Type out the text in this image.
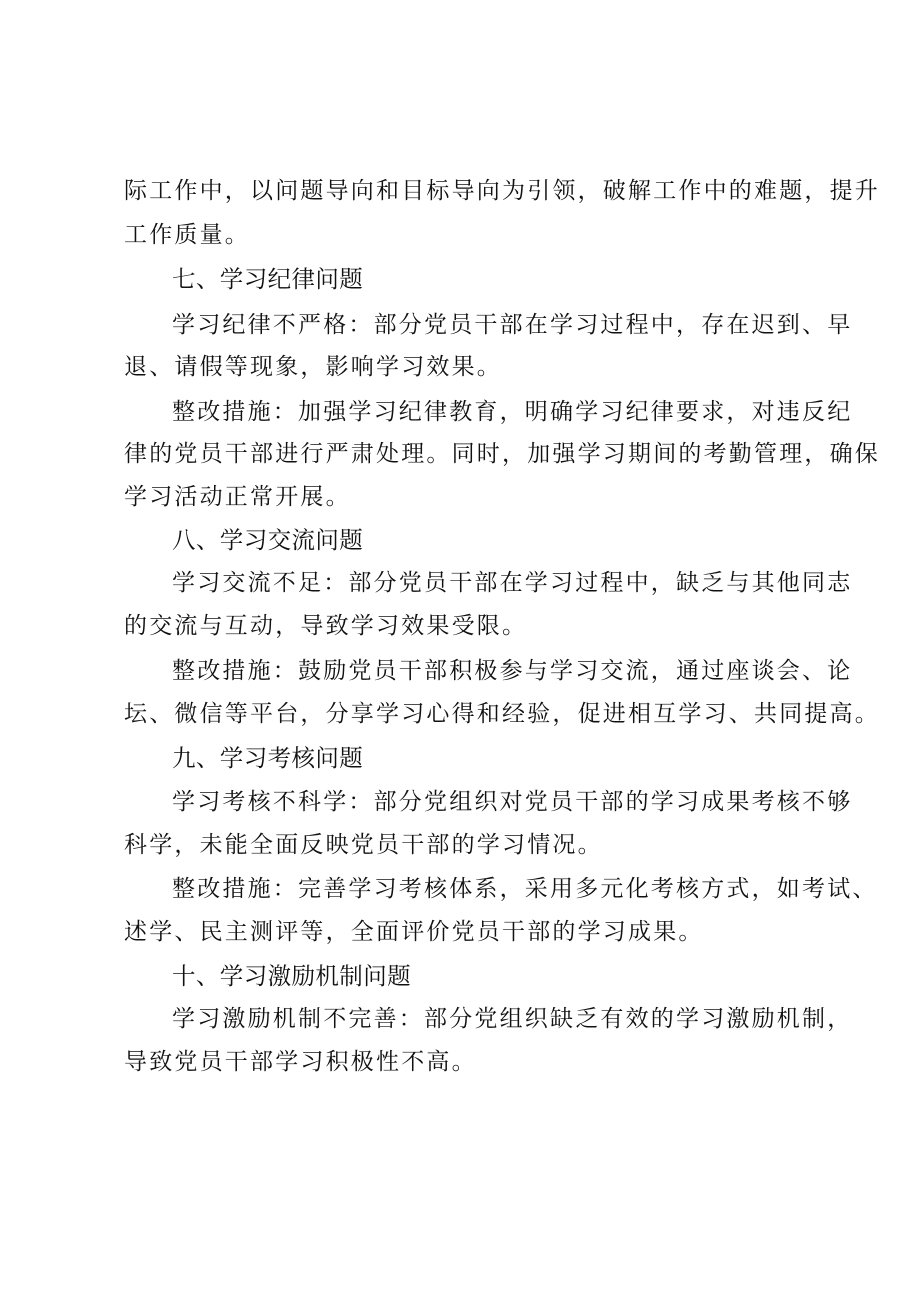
际工作中，以问题导向和目标导向为引领，破解工作中的难题，提升
工作质量。
七、学习纪律问题
学习纪律不严格：部分党员干部在学习过程中，存在迟到、早
退、请假等现象，影响学习效果。
整改措施：加强学习纪律教育，明确学习纪律要求，对违反纪
律的党员干部进行严肃处理。同时，加强学习期间的考勤管理，确保
学习活动正常开展。
八、学习交流问题
学习交流不足：部分党员干部在学习过程中，缺乏与其他同志
的交流与互动，导致学习效果受限。
整改措施：鼓励党员干部积极参与学习交流，通过座谈会、论
坛、微信等平台，分享学习心得和经验，促进相互学习、共同提高。
九、学习考核问题
学习考核不科学：部分党组织对党员干部的学习成果考核不够
科学，未能全面反映党员干部的学习情况。
整改措施：完善学习考核体系，采用多元化考核方式，如考试、
述学、民主测评等，全面评价党员干部的学习成果。
十、学习激励机制问题
学习激励机制不完善：部分党组织缺乏有效的学习激励机制，
导致党员干部学习积极性不高。
